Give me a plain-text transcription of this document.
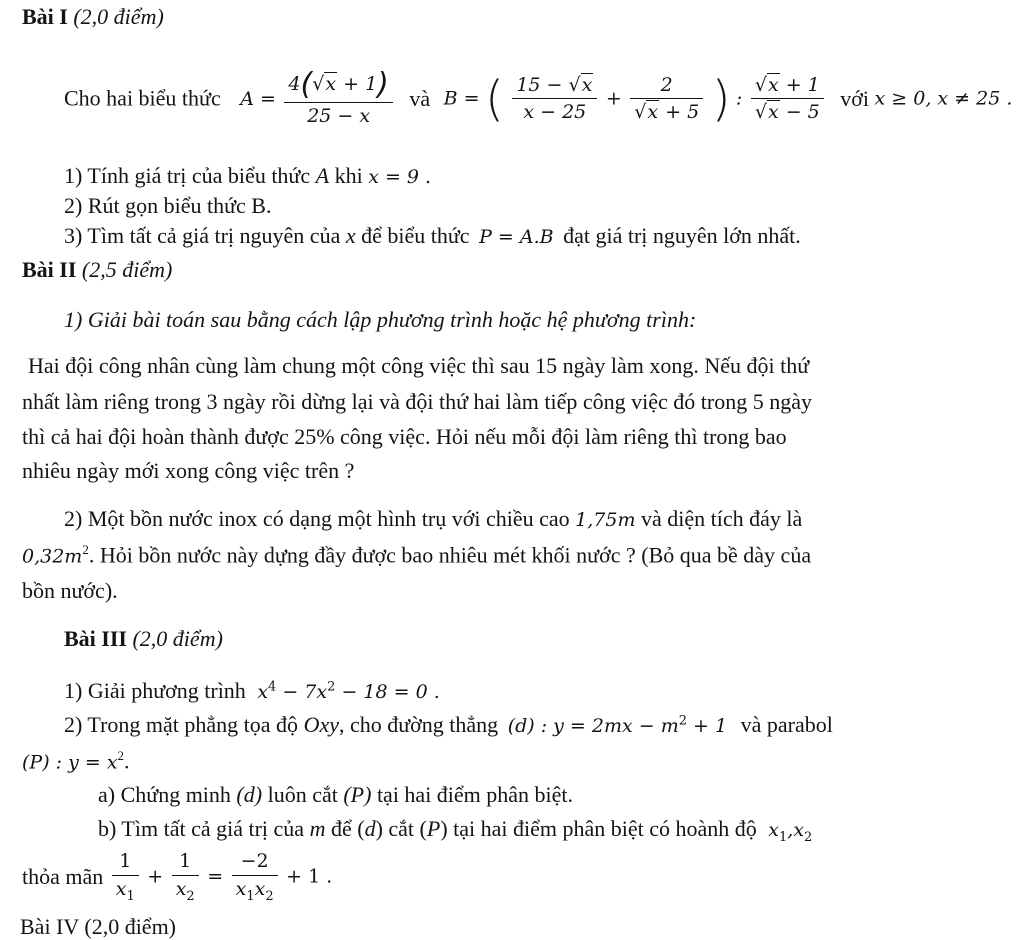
Bài I (2,0 điểm)
Cho hai biểu thức $A = \frac{4(√x + 1)}{25 - x}$ và B = ( $\frac{15 - √x}{x - 25} + \frac{2}{√x + 5}$ ) : $\frac{√x + 1}{√x - 5}$ với x ≥ 0, x ≠ 25 .
1) Tính giá trị của biểu thức A khi x = 9 .
2) Rút gọn biểu thức B.
3) Tìm tất cả giá trị nguyên của x để biểu thức P = A.B đạt giá trị nguyên lớn nhất.
Bài II (2,5 điểm)
1) Giải bài toán sau bằng cách lập phương trình hoặc hệ phương trình:
Hai đội công nhân cùng làm chung một công việc thì sau 15 ngày làm xong. Nếu đội thứ
nhất làm riêng trong 3 ngày rồi dừng lại và đội thứ hai làm tiếp công việc đó trong 5 ngày
thì cả hai đội hoàn thành được 25% công việc. Hỏi nếu mỗi đội làm riêng thì trong bao
nhiêu ngày mới xong công việc trên ?
2) Một bồn nước inox có dạng một hình trụ với chiều cao 1,75m và diện tích đáy là
$0,32m^2$. Hỏi bồn nước này dựng đầy được bao nhiêu mét khối nước ? (Bỏ qua bề dày của
bồn nước).
Bài III (2,0 điểm)
1) Giải phương trình $x^4 - 7x^2 - 18 = 0$ .
2) Trong mặt phẳng tọa độ Oxy, cho đường thẳng (d) : $y = 2mx - m^2 + 1$ và parabol
(P) : $y = x^2$.
a) Chứng minh (d) luôn cắt (P) tại hai điểm phân biệt.
b) Tìm tất cả giá trị của m để (d) cắt (P) tại hai điểm phân biệt có hoành độ $x_1,x_2$
thỏa mãn $\frac{1}{x_1} + \frac{1}{x_2} = \frac{-2}{x_1x_2} + 1$ .
Bài IV (2,0 điểm)
